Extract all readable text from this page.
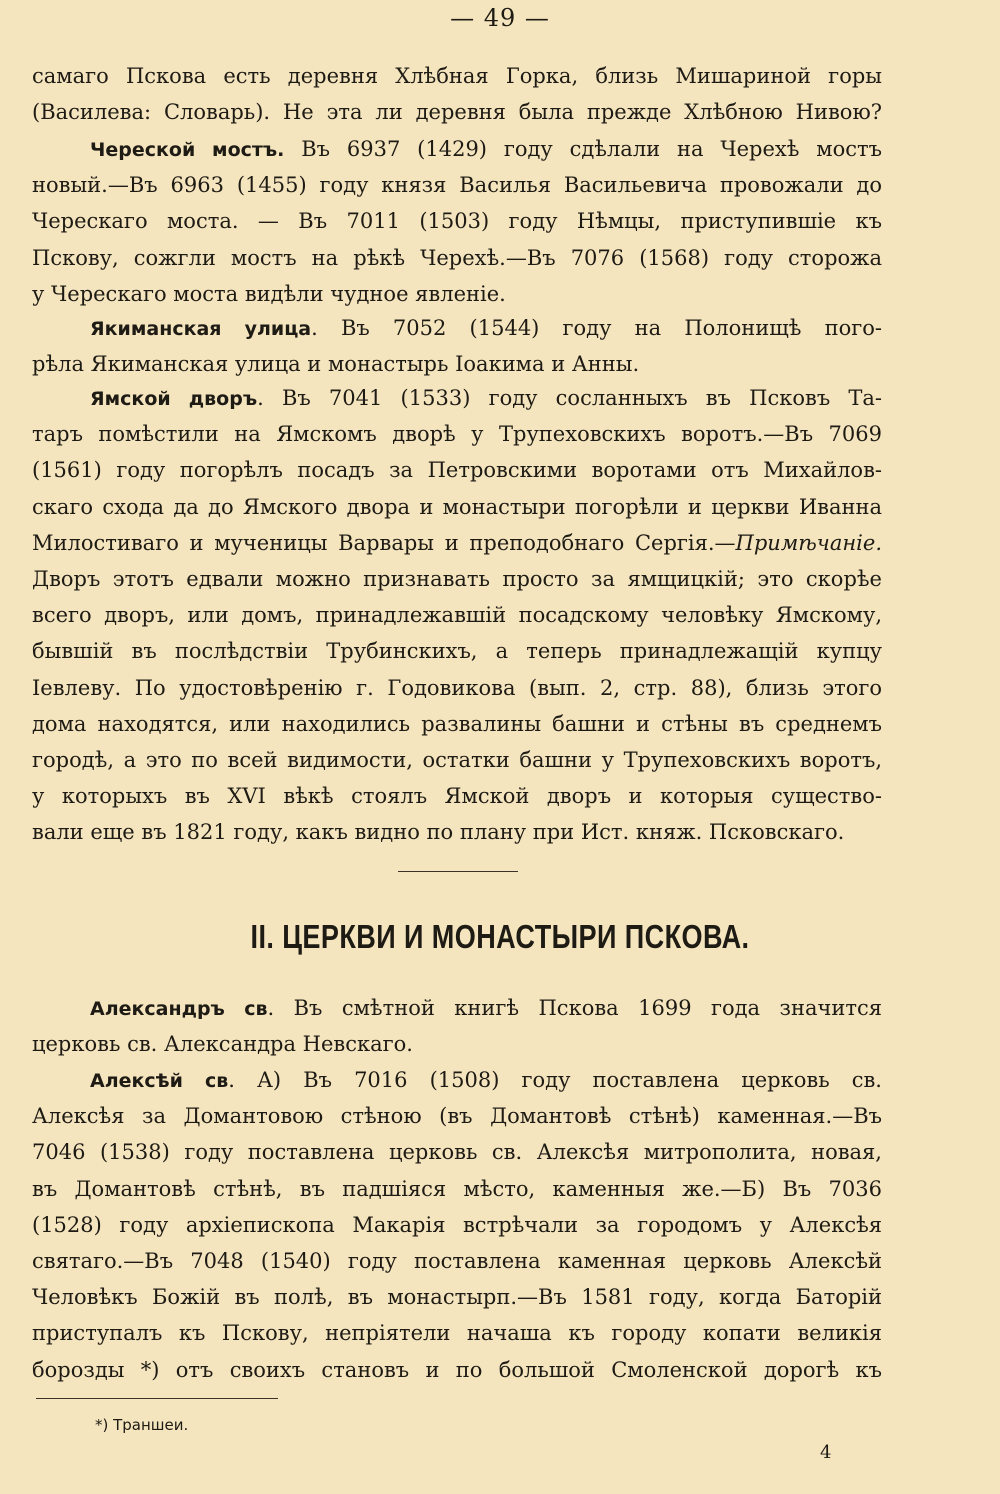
— 49 —
самаго Пскова есть деревня Хлѣбная Горка, близь Мишариной горы
(Василева: Словарь). Не эта ли деревня была прежде Хлѣбною Нивою?
Череской мостъ. Въ 6937 (1429) году сдѣлали на Черехѣ мостъ
новый.—Въ 6963 (1455) году князя Василья Васильевича провожали до
Черескаго моста. — Въ 7011 (1503) году Нѣмцы, приступившіе къ
Пскову, сожгли мостъ на рѣкѣ Черехѣ.—Въ 7076 (1568) году сторожа
у Черескаго моста видѣли чудное явленіе.
Якиманская улица. Въ 7052 (1544) году на Полонищѣ пого-
рѣла Якиманская улица и монастырь Іоакима и Анны.
Ямской дворъ. Въ 7041 (1533) году сосланныхъ въ Псковъ Та-
таръ помѣстили на Ямскомъ дворѣ у Трупеховскихъ воротъ.—Въ 7069
(1561) году погорѣлъ посадъ за Петровскими воротами отъ Михайлов-
скаго схода да до Ямского двора и монастыри погорѣли и церкви Иванна
Милостиваго и мученицы Варвары и преподобнаго Сергія.—Примѣчаніе.
Дворъ этотъ едвали можно признавать просто за ямщицкій; это скорѣе
всего дворъ, или домъ, принадлежавшій посадскому человѣку Ямскому,
бывшій въ послѣдствіи Трубинскихъ, а теперь принадлежащій купцу
Іевлеву. По удостовѣренію г. Годовикова (вып. 2, стр. 88), близь этого
дома находятся, или находились развалины башни и стѣны въ среднемъ
городѣ, а это по всей видимости, остатки башни у Трупеховскихъ воротъ,
у которыхъ въ XVI вѣкѣ стоялъ Ямской дворъ и которыя существо-
вали еще въ 1821 году, какъ видно по плану при Ист. княж. Псковскаго.
II. ЦЕРКВИ И МОНАСТЫРИ ПСКОВА.
Александръ св. Въ смѣтной книгѣ Пскова 1699 года значится
церковь св. Александра Невскаго.
Алексѣй св. А) Въ 7016 (1508) году поставлена церковь св.
Алексѣя за Домантовою стѣною (въ Домантовѣ стѣнѣ) каменная.—Въ
7046 (1538) году поставлена церковь св. Алексѣя митрополита, новая,
въ Домантовѣ стѣнѣ, въ падшіяся мѣсто, каменныя же.—Б) Въ 7036
(1528) году архіепископа Макарія встрѣчали за городомъ у Алексѣя
святаго.—Въ 7048 (1540) году поставлена каменная церковь Алексѣй
Человѣкъ Божій въ полѣ, въ монастырп.—Въ 1581 году, когда Баторій
приступалъ къ Пскову, непріятели начаша къ городу копати великія
борозды *) отъ своихъ становъ и по большой Смоленской дорогѣ къ
*) Траншеи.
4
